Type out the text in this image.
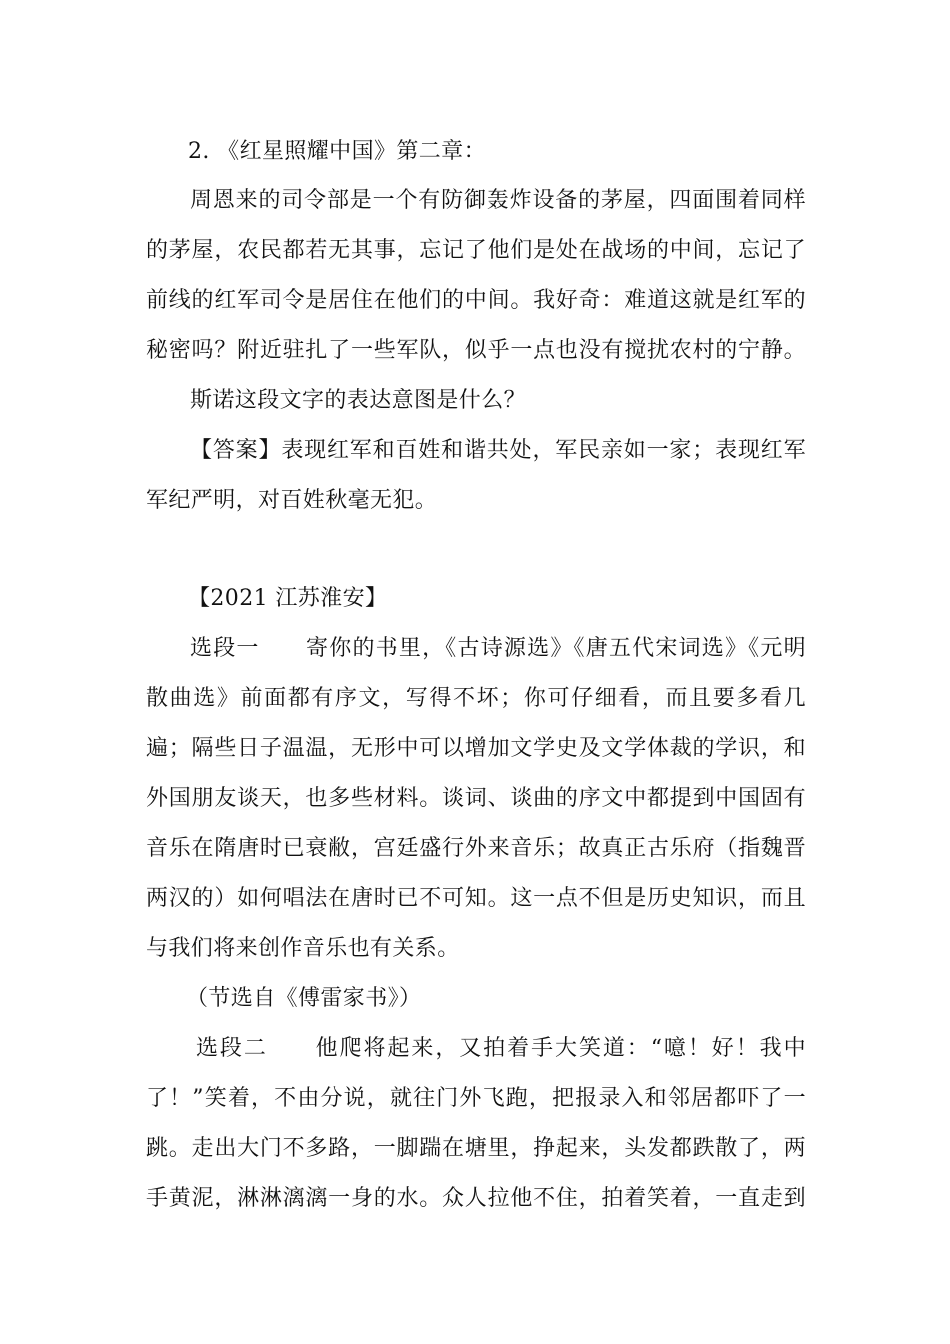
2. 《红星照耀中国》第二章：
周恩来的司令部是一个有防御轰炸设备的茅屋，四面围着同样
的茅屋，农民都若无其事，忘记了他们是处在战场的中间，忘记了
前线的红军司令是居住在他们的中间。我好奇：难道这就是红军的
秘密吗？附近驻扎了一些军队，似乎一点也没有搅扰农村的宁静。
斯诺这段文字的表达意图是什么？
【答案】表现红军和百姓和谐共处，军民亲如一家；表现红军
军纪严明，对百姓秋毫无犯。
【2021 江苏淮安】
选段一　　寄你的书里，《古诗源选》《唐五代宋词选》《元明
散曲选》前面都有序文，写得不坏；你可仔细看，而且要多看几
遍；隔些日子温温，无形中可以增加文学史及文学体裁的学识，和
外国朋友谈天，也多些材料。谈词、谈曲的序文中都提到中国固有
音乐在隋唐时已衰敝，宫廷盛行外来音乐；故真正古乐府（指魏晋
两汉的）如何唱法在唐时已不可知。这一点不但是历史知识，而且
与我们将来创作音乐也有关系。
（节选自《傅雷家书》）
选段二　　他爬将起来，又拍着手大笑道：“噫！好！我中
了！”笑着，不由分说，就往门外飞跑，把报录入和邻居都吓了一
跳。走出大门不多路，一脚踹在塘里，挣起来，头发都跌散了，两
手黄泥，淋淋漓漓一身的水。众人拉他不住，拍着笑着，一直走到
